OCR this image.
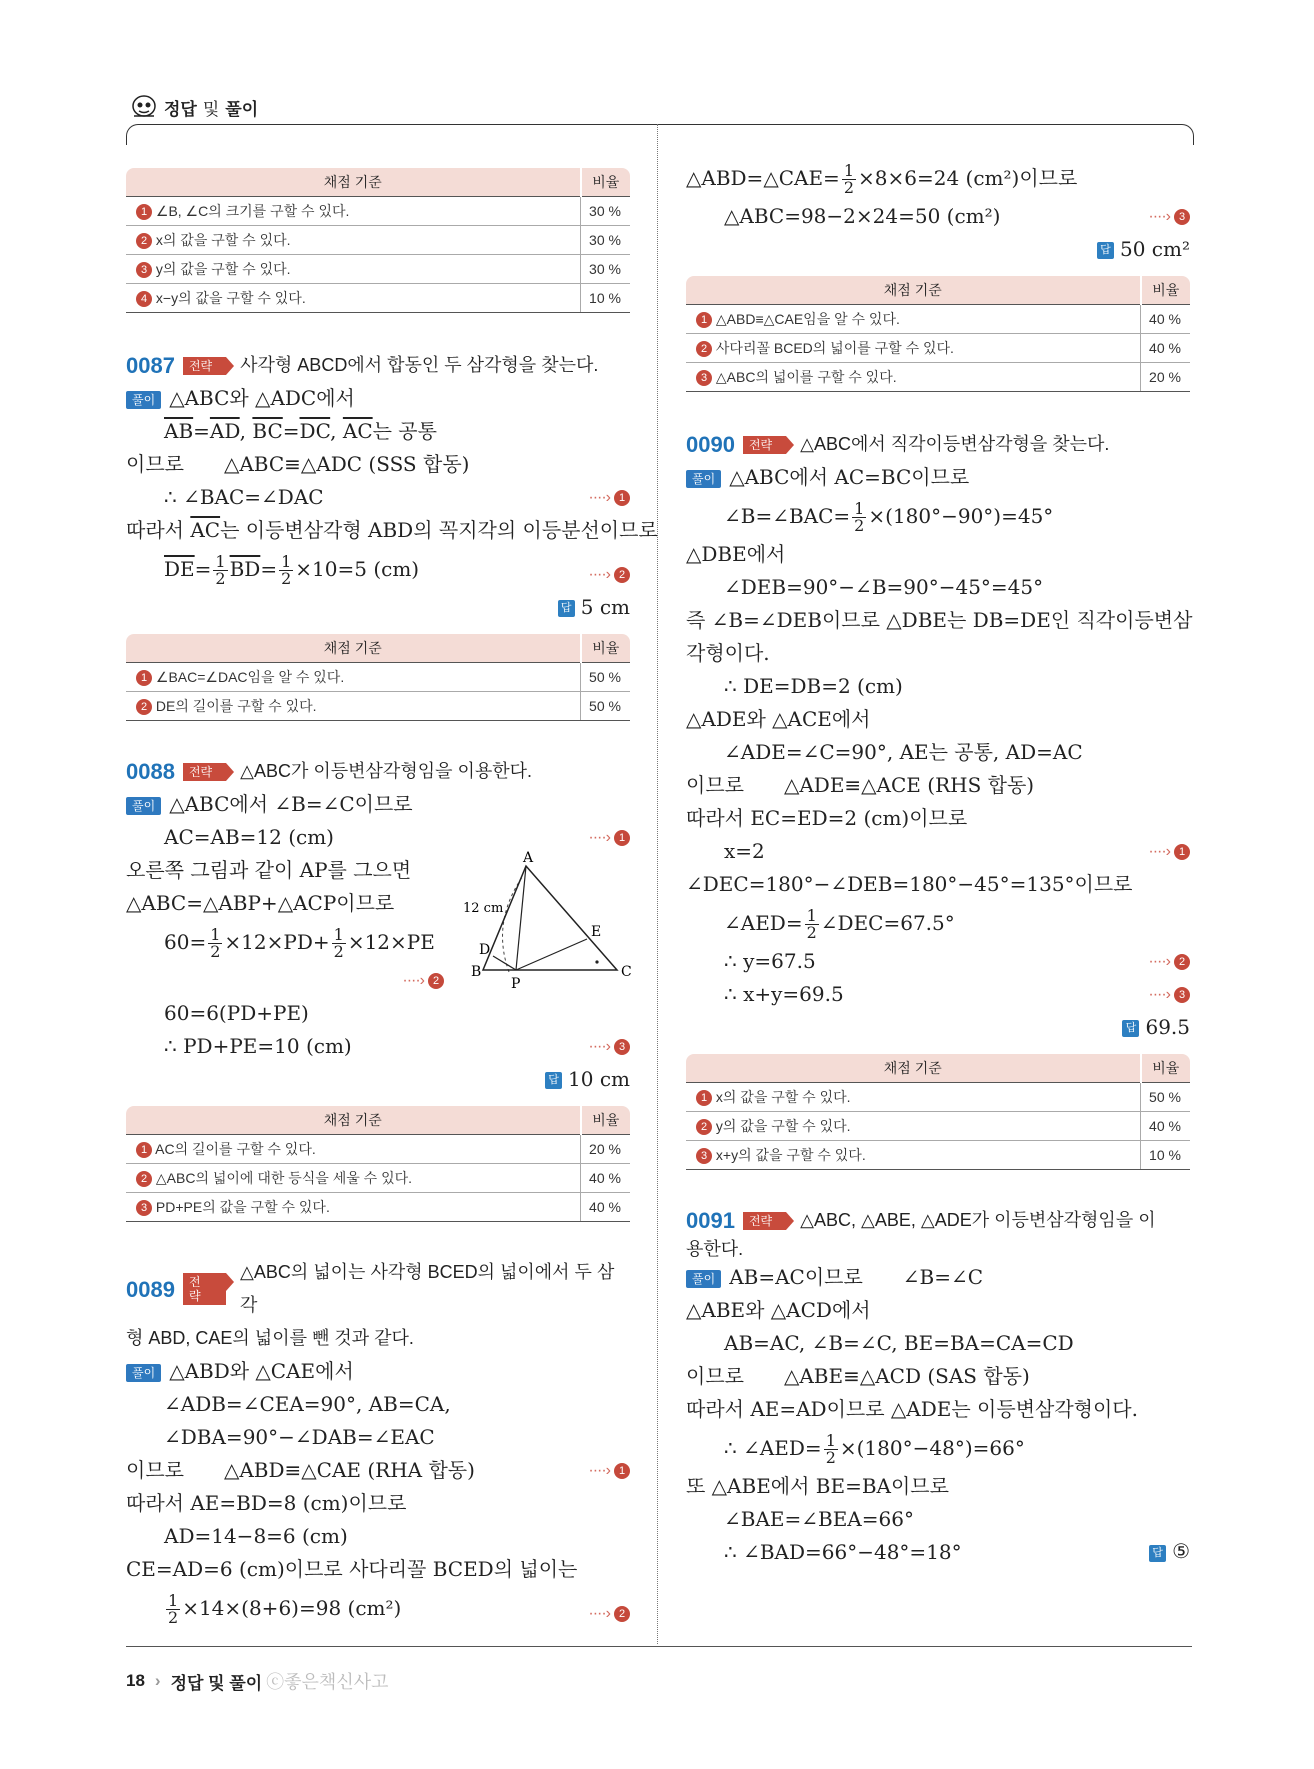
정답 및 풀이
채점 기준	비율
1 ∠B, ∠C의 크기를 구할 수 있다.	30 %
2 x의 값을 구할 수 있다.	30 %
3 y의 값을 구할 수 있다.	30 %
4 x−y의 값을 구할 수 있다.	10 %
0087	전략	사각형 ABCD에서 합동인 두 삼각형을 찾는다.
풀이 △ABC와 △ADC에서
$\overline{AB}=\overline{AD}$, $\overline{BC}=\overline{DC}$, $\overline{AC}$는 공통
이므로　　△ABC≡△ADC (SSS 합동)
∴ ∠BAC=∠DAC	····› 1
따라서 $\overline{AC}$는 이등변삼각형 ABD의 꼭지각의 이등분선이므로
$\overline{DE}= \frac{1}{2} \overline{BD}= \frac{1}{2} \times 10=5$ (cm)	····› 2
답 5 cm
채점 기준	비율
1 ∠BAC=∠DAC임을 알 수 있다.	50 %
2 DE의 길이를 구할 수 있다.	50 %
0088	전략	△ABC가 이등변삼각형임을 이용한다.
풀이 △ABC에서 ∠B=∠C이므로
AC=AB=12 (cm)	····› 1
오른쪽 그림과 같이 AP를 그으면
△ABC=△ABP+△ACP이므로
$60= \frac{1}{2} \times 12\times PD+ \frac{1}{2} \times 12\times PE$
····› 2
60=6(PD+PE)
∴ PD+PE=10 (cm)	····› 3
A
B	C
D
E
P
12 cm
답 10 cm
채점 기준	비율
1 AC의 길이를 구할 수 있다.	20 %
2 △ABC의 넓이에 대한 등식을 세울 수 있다.	40 %
3 PD+PE의 값을 구할 수 있다.	40 %
0089	전략
△ABC의 넓이는 사각형 BCED의 넓이에서 두 삼각
형 ABD, CAE의 넓이를 뺀 것과 같다.
풀이 △ABD와 △CAE에서
∠ADB=∠CEA=90°, AB=CA,
∠DBA=90°−∠DAB=∠EAC
이므로　　△ABD≡△CAE (RHA 합동)	····› 1
따라서 AE=BD=8 (cm)이므로
AD=14−8=6 (cm)
CE=AD=6 (cm)이므로 사다리꼴 BCED의 넓이는
$\frac{1}{2} \times 14\times(8+6)=98$ (cm²)	····› 2
△ABD=△CAE= $\frac{1}{2} \times 8\times 6=24$ (cm²)이므로
△ABC=98−2×24=50 (cm²)	····› 3
답 50 cm²
채점 기준	비율
1 △ABD≡△CAE임을 알 수 있다.	40 %
2 사다리꼴 BCED의 넓이를 구할 수 있다.	40 %
3 △ABC의 넓이를 구할 수 있다.	20 %
0090	전략	△ABC에서 직각이등변삼각형을 찾는다.
풀이 △ABC에서 AC=BC이므로
∠B=∠BAC= $\frac{1}{2} \times(180^\circ-90^\circ)=45^\circ$
△DBE에서
∠DEB=90°−∠B=90°−45°=45°
즉 ∠B=∠DEB이므로 △DBE는 DB=DE인 직각이등변삼
각형이다.
∴ DE=DB=2 (cm)
△ADE와 △ACE에서
∠ADE=∠C=90°, AE는 공통, AD=AC
이므로　　△ADE≡△ACE (RHS 합동)
따라서 EC=ED=2 (cm)이므로
x=2	····› 1
∠DEC=180°−∠DEB=180°−45°=135°이므로
∠AED= $\frac{1}{2}$ ∠DEC=67.5°
∴ y=67.5	····› 2
∴ x+y=69.5	····› 3
답 69.5
채점 기준	비율
1 x의 값을 구할 수 있다.	50 %
2 y의 값을 구할 수 있다.	40 %
3 x+y의 값을 구할 수 있다.	10 %
0091	전략	△ABC, △ABE, △ADE가 이등변삼각형임을 이
용한다.
풀이 AB=AC이므로　　∠B=∠C
△ABE와 △ACD에서
AB=AC, ∠B=∠C, BE=BA=CA=CD
이므로　　△ABE≡△ACD (SAS 합동)
따라서 AE=AD이므로 △ADE는 이등변삼각형이다.
∴ ∠AED= $\frac{1}{2} \times(180^\circ-48^\circ)=66^\circ$
또 △ABE에서 BE=BA이므로
∠BAE=∠BEA=66°
∴ ∠BAD=66°−48°=18°	답 ⑤
18 › 정답 및 풀이 ⓒ좋은책신사고
